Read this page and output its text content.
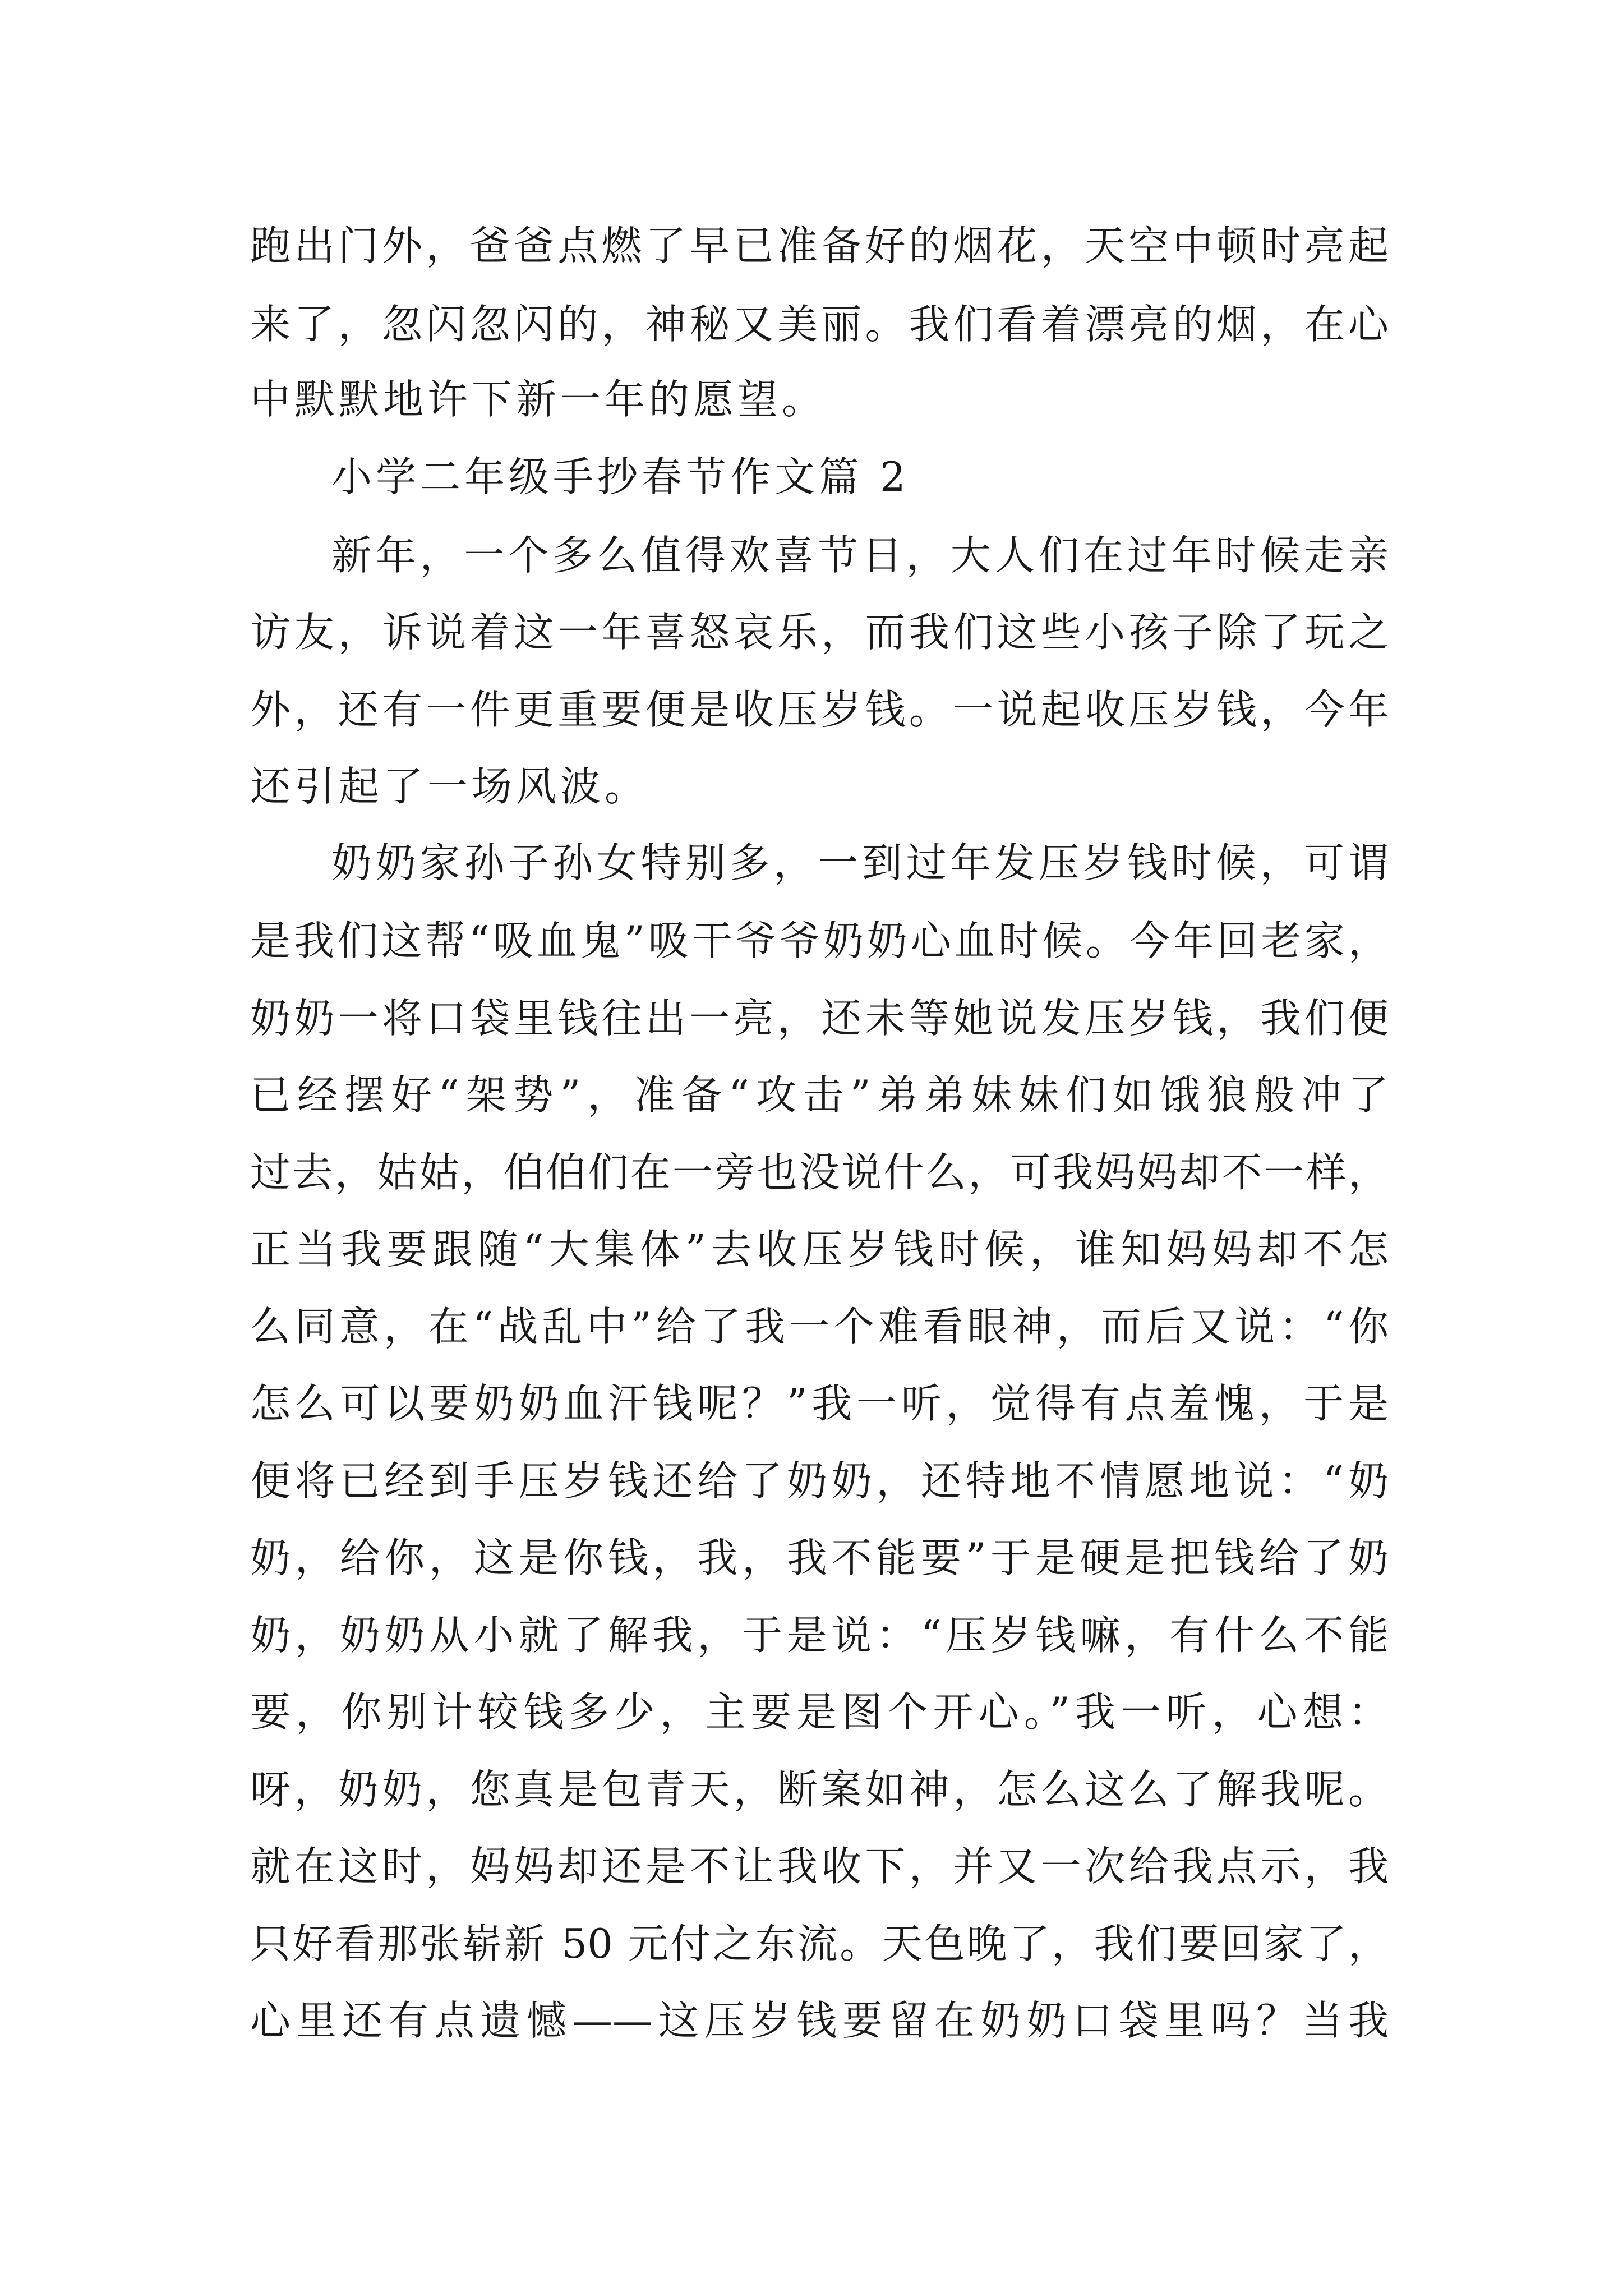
跑出门外，爸爸点燃了早已准备好的烟花，天空中顿时亮起
来了，忽闪忽闪的，神秘又美丽。我们看着漂亮的烟，在心
中默默地许下新一年的愿望。
小学二年级手抄春节作文篇 2
新年，一个多么值得欢喜节日，大人们在过年时候走亲
访友，诉说着这一年喜怒哀乐，而我们这些小孩子除了玩之
外，还有一件更重要便是收压岁钱。一说起收压岁钱，今年
还引起了一场风波。
奶奶家孙子孙女特别多，一到过年发压岁钱时候，可谓
是我们这帮“吸血鬼”吸干爷爷奶奶心血时候。今年回老家，
奶奶一将口袋里钱往出一亮，还未等她说发压岁钱，我们便
已经摆好“架势”，准备“攻击”弟弟妹妹们如饿狼般冲了
过去，姑姑，伯伯们在一旁也没说什么，可我妈妈却不一样，
正当我要跟随“大集体”去收压岁钱时候，谁知妈妈却不怎
么同意，在“战乱中”给了我一个难看眼神，而后又说：“你
怎么可以要奶奶血汗钱呢？”我一听，觉得有点羞愧，于是
便将已经到手压岁钱还给了奶奶，还特地不情愿地说：“奶
奶，给你，这是你钱，我，我不能要”于是硬是把钱给了奶
奶，奶奶从小就了解我，于是说：“压岁钱嘛，有什么不能
要，你别计较钱多少，主要是图个开心。”我一听，心想：
呀，奶奶，您真是包青天，断案如神，怎么这么了解我呢。
就在这时，妈妈却还是不让我收下，并又一次给我点示，我
只好看那张崭新 50 元付之东流。天色晚了，我们要回家了，
心里还有点遗憾——这压岁钱要留在奶奶口袋里吗？当我
